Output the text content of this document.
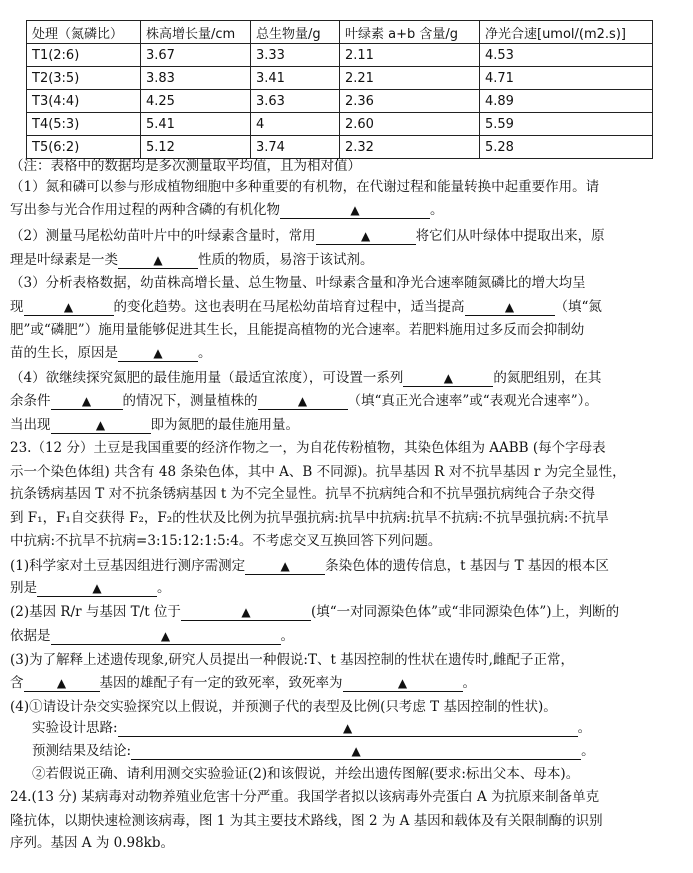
处理（氮磷比）	株高增长量/cm	总生物量/g	叶绿素 a+b 含量/g	净光合速[umol/(m2.s)]
T1(2:6)	3.67	3.33	2.11	4.53
T2(3:5)	3.83	3.41	2.21	4.71
T3(4:4)	4.25	3.63	2.36	4.89
T4(5:3)	5.41	4	2.60	5.59
T5(6:2)	5.12	3.74	2.32	5.28
（注：表格中的数据均是多次测量取平均值，且为相对值）
（1）氮和磷可以参与形成植物细胞中多种重要的有机物，在代谢过程和能量转换中起重要作用。请
写出参与光合作用过程的两种含磷的有机化物	▲	。
（2）测量马尾松幼苗叶片中的叶绿素含量时，常用	▲	将它们从叶绿体中提取出来，原
理是叶绿素是一类	▲	性质的物质，易溶于该试剂。
（3）分析表格数据，幼苗株高增长量、总生物量、叶绿素含量和净光合速率随氮磷比的增大均呈
现	▲	的变化趋势。这也表明在马尾松幼苗培育过程中，适当提高	▲	（填“氮
肥”或“磷肥”）施用量能够促进其生长，且能提高植物的光合速率。若肥料施用过多反而会抑制幼
苗的生长，原因是	▲	。
（4）欲继续探究氮肥的最佳施用量（最适宜浓度），可设置一系列	▲	的氮肥组别，在其
余条件	▲ 的情况下，测量植株的	▲	（填“真正光合速率”或“表观光合速率”）。
当出现	▲	即为氮肥的最佳施用量。
23.（12 分）土豆是我国重要的经济作物之一，为自花传粉植物，其染色体组为 AABB (每个字母表
示一个染色体组) 共含有 48 条染色体，其中 A、B 不同源)。抗旱基因 R 对不抗旱基因 r 为完全显性，
抗条锈病基因 T 对不抗条锈病基因 t 为不完全显性。抗旱不抗病纯合和不抗旱强抗病纯合子杂交得
到 F₁，F₁自交获得 F₂，F₂的性状及比例为抗旱强抗病:抗旱中抗病:抗旱不抗病:不抗旱强抗病:不抗旱
中抗病:不抗旱不抗病=3:15:12:1:5:4。不考虑交叉互换回答下列问题。
(1)科学家对土豆基因组进行测序需测定	▲	条染色体的遗传信息，t 基因与 T 基因的根本区
别是	▲	。
(2)基因 R/r 与基因 T/t 位于	▲	(填“一对同源染色体”或“非同源染色体”)上，判断的
依据是	▲	。
(3)为了解释上述遗传现象,研究人员提出一种假说:T、t 基因控制的性状在遗传时,雌配子正常，
含	▲ 基因的雄配子有一定的致死率，致死率为	▲	。
(4)①请设计杂交实验探究以上假说，并预测子代的表型及比例(只考虑 T 基因控制的性状)。
实验设计思路:	▲	。
预测结果及结论:	▲	。
②若假说正确、请利用测交实验验证(2)和该假说，并绘出遗传图解(要求:标出父本、母本)。
24.(13 分) 某病毒对动物养殖业危害十分严重。我国学者拟以该病毒外壳蛋白 A 为抗原来制备单克
隆抗体，以期快速检测该病毒，图 1 为其主要技术路线，图 2 为 A 基因和载体及有关限制酶的识别
序列。基因 A 为 0.98kb。
